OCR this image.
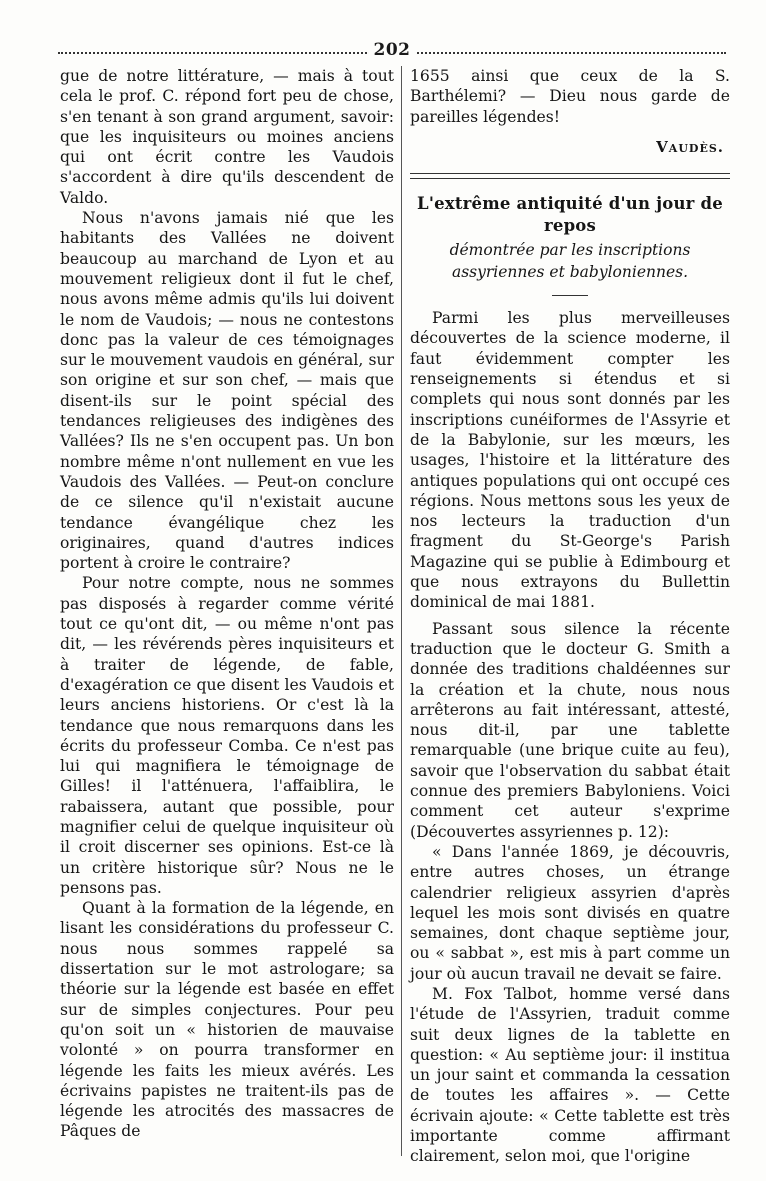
202

gue de notre littérature, — mais à tout cela le prof. C. répond fort peu de chose, s'en tenant à son grand argument, savoir: que les inquisiteurs ou moines anciens qui ont écrit contre les Vaudois s'accordent à dire qu'ils descendent de Valdo.

Nous n'avons jamais nié que les habitants des Vallées ne doivent beaucoup au marchand de Lyon et au mouvement religieux dont il fut le chef, nous avons même admis qu'ils lui doivent le nom de Vaudois; — nous ne contestons donc pas la valeur de ces témoignages sur le mouvement vaudois en général, sur son origine et sur son chef, — mais que disent-ils sur le point spécial des tendances religieuses des indigènes des Vallées? Ils ne s'en occupent pas. Un bon nombre même n'ont nullement en vue les Vaudois des Vallées. — Peut-on conclure de ce silence qu'il n'existait aucune tendance évangélique chez les originaires, quand d'autres indices portent à croire le contraire?

Pour notre compte, nous ne sommes pas disposés à regarder comme vérité tout ce qu'ont dit, — ou même n'ont pas dit, — les révérends pères inquisiteurs et à traiter de légende, de fable, d'exagération ce que disent les Vaudois et leurs anciens historiens. Or c'est là la tendance que nous remarquons dans les écrits du professeur Comba. Ce n'est pas lui qui magnifiera le témoignage de Gilles! il l'atténuera, l'affaiblira, le rabaissera, autant que possible, pour magnifier celui de quelque inquisiteur où il croit discerner ses opinions. Est-ce là un critère historique sûr? Nous ne le pensons pas.

Quant à la formation de la légende, en lisant les considérations du professeur C. nous nous sommes rappelé sa dissertation sur le mot astrologare; sa théorie sur la légende est basée en effet sur de simples conjectures. Pour peu qu'on soit un « historien de mauvaise volonté » on pourra transformer en légende les faits les mieux avérés. Les écrivains papistes ne traitent-ils pas de légende les atrocités des massacres de Pâques de

1655 ainsi que ceux de la S. Barthélemi? — Dieu nous garde de pareilles légendes!

Vaudès.
L'extrême antiquité d'un jour de repos
démontrée par les inscriptions
assyriennes et babyloniennes.

Parmi les plus merveilleuses découvertes de la science moderne, il faut évidemment compter les renseignements si étendus et si complets qui nous sont donnés par les inscriptions cunéiformes de l'Assyrie et de la Babylonie, sur les mœurs, les usages, l'histoire et la littérature des antiques populations qui ont occupé ces régions. Nous mettons sous les yeux de nos lecteurs la traduction d'un fragment du St-George's Parish Magazine qui se publie à Edimbourg et que nous extrayons du Bullettin dominical de mai 1881.

Passant sous silence la récente traduction que le docteur G. Smith a donnée des traditions chaldéennes sur la création et la chute, nous nous arrêterons au fait intéressant, attesté, nous dit-il, par une tablette remarquable (une brique cuite au feu), savoir que l'observation du sabbat était connue des premiers Babyloniens. Voici comment cet auteur s'exprime (Découvertes assyriennes p. 12):

« Dans l'année 1869, je découvris, entre autres choses, un étrange calendrier religieux assyrien d'après lequel les mois sont divisés en quatre semaines, dont chaque septième jour, ou « sabbat », est mis à part comme un jour où aucun travail ne devait se faire.

M. Fox Talbot, homme versé dans l'étude de l'Assyrien, traduit comme suit deux lignes de la tablette en question: « Au septième jour: il institua un jour saint et commanda la cessation de toutes les affaires ». — Cette écrivain ajoute: « Cette tablette est très importante comme affirmant clairement, selon moi, que l'origine
